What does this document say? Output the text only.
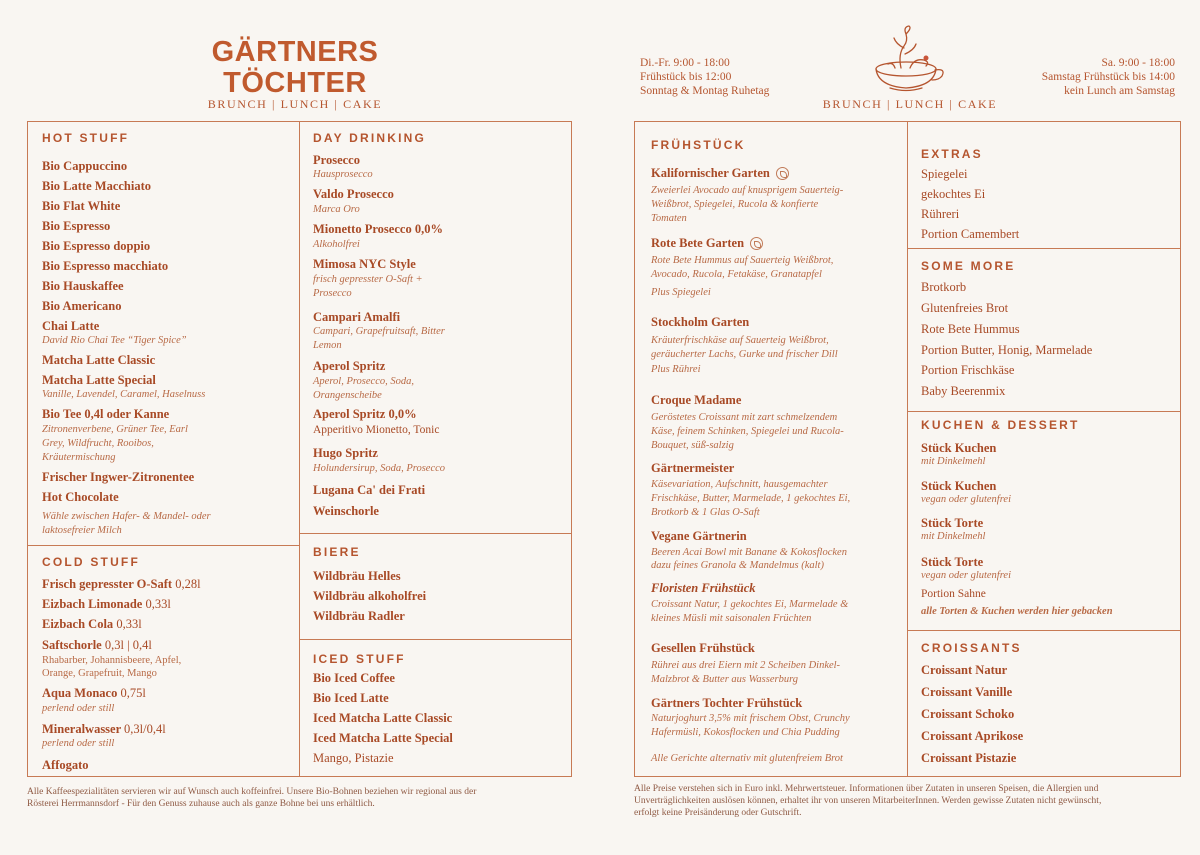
GÄRTNERS
TÖCHTER
BRUNCH | LUNCH | CAKE
Di.-Fr. 9:00 - 18:00
Frühstück bis 12:00
Sonntag & Montag Ruhetag
Sa. 9:00 - 18:00
Samstag Frühstück bis 14:00
kein Lunch am Samstag
BRUNCH | LUNCH | CAKE
HOT STUFF
Bio Cappuccino
Bio Latte Macchiato
Bio Flat White
Bio Espresso
Bio Espresso doppio
Bio Espresso macchiato
Bio Hauskaffee
Bio Americano
Chai Latte
David Rio Chai Tee “Tiger Spice”
Matcha Latte Classic
Matcha Latte Special
Vanille, Lavendel, Caramel, Haselnuss
Bio Tee 0,4l oder Kanne
Zitronenverbene, Grüner Tee, Earl
Grey, Wildfrucht, Rooibos,
Kräutermischung
Frischer Ingwer-Zitronentee
Hot Chocolate
Wähle zwischen Hafer- & Mandel- oder
laktosefreier Milch
COLD STUFF
Frisch gepresster O-Saft 0,28l
Eizbach Limonade 0,33l
Eizbach Cola 0,33l
Saftschorle 0,3l | 0,4l
Rhabarber, Johannisbeere, Apfel,
Orange, Grapefruit, Mango
Aqua Monaco 0,75l
perlend oder still
Mineralwasser 0,3l/0,4l
perlend oder still
Affogato
DAY DRINKING
Prosecco
Hausprosecco
Valdo Prosecco
Marca Oro
Mionetto Prosecco 0,0%
Alkoholfrei
Mimosa NYC Style
frisch gepresster O-Saft +
Prosecco
Campari Amalfi
Campari, Grapefruitsaft, Bitter
Lemon
Aperol Spritz
Aperol, Prosecco, Soda,
Orangenscheibe
Aperol Spritz 0,0%
Apperitivo Mionetto, Tonic
Hugo Spritz
Holundersirup, Soda, Prosecco
Lugana Ca' dei Frati
Weinschorle
BIERE
Wildbräu Helles
Wildbräu alkoholfrei
Wildbräu Radler
ICED STUFF
Bio Iced Coffee
Bio Iced Latte
Iced Matcha Latte Classic
Iced Matcha Latte Special
Mango, Pistazie
Alle Kaffeespezialitäten servieren wir auf Wunsch auch koffeinfrei. Unsere Bio-Bohnen beziehen wir regional aus der
Rösterei Herrmannsdorf - Für den Genuss zuhause auch als ganze Bohne bei uns erhältlich.
FRÜHSTÜCK
Kalifornischer Garten
Zweierlei Avocado auf knusprigem Sauerteig-
Weißbrot, Spiegelei, Rucola & konfierte
Tomaten
Rote Bete Garten
Rote Bete Hummus auf Sauerteig Weißbrot,
Avocado, Rucola, Fetakäse, Granatapfel
Plus Spiegelei
Stockholm Garten
Kräuterfrischkäse auf Sauerteig Weißbrot,
geräucherter Lachs, Gurke und frischer Dill
Plus Rührei
Croque Madame
Geröstetes Croissant mit zart schmelzendem
Käse, feinem Schinken, Spiegelei und Rucola-
Bouquet, süß-salzig
Gärtnermeister
Käsevariation, Aufschnitt, hausgemachter
Frischkäse, Butter, Marmelade, 1 gekochtes Ei,
Brotkorb & 1 Glas O-Saft
Vegane Gärtnerin
Beeren Acai Bowl mit Banane & Kokosflocken
dazu feines Granola & Mandelmus (kalt)
Floristen Frühstück
Croissant Natur, 1 gekochtes Ei, Marmelade &
kleines Müsli mit saisonalen Früchten
Gesellen Frühstück
Rührei aus drei Eiern mit 2 Scheiben Dinkel-
Malzbrot & Butter aus Wasserburg
Gärtners Tochter Frühstück
Naturjoghurt 3,5% mit frischem Obst, Crunchy
Hafermüsli, Kokosflocken und Chia Pudding
Alle Gerichte alternativ mit glutenfreiem Brot
EXTRAS
Spiegelei
gekochtes Ei
Rühreri
Portion Camembert
SOME MORE
Brotkorb
Glutenfreies Brot
Rote Bete Hummus
Portion Butter, Honig, Marmelade
Portion Frischkäse
Baby Beerenmix
KUCHEN & DESSERT
Stück Kuchen
mit Dinkelmehl
Stück Kuchen
vegan oder glutenfrei
Stück Torte
mit Dinkelmehl
Stück Torte
vegan oder glutenfrei
Portion Sahne
alle Torten & Kuchen werden hier gebacken
CROISSANTS
Croissant Natur
Croissant Vanille
Croissant Schoko
Croissant Aprikose
Croissant Pistazie
Alle Preise verstehen sich in Euro inkl. Mehrwertsteuer. Informationen über Zutaten in unseren Speisen, die Allergien und
Unverträglichkeiten auslösen können, erhaltet ihr von unseren MitarbeiterInnen. Werden gewisse Zutaten nicht gewünscht,
erfolgt keine Preisänderung oder Gutschrift.
